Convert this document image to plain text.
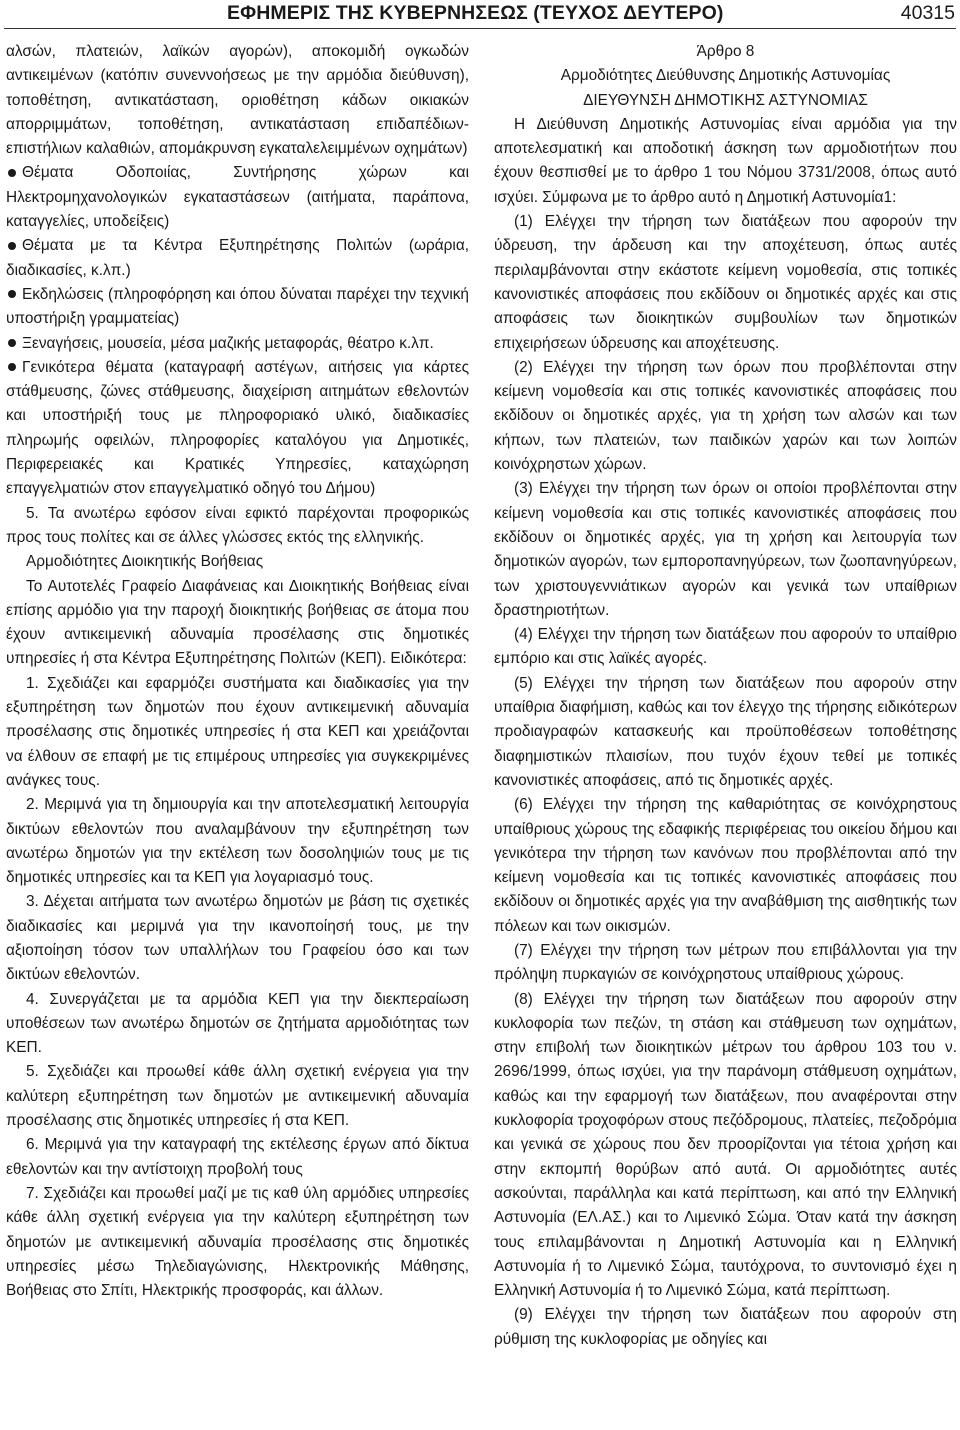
ΕΦΗΜΕΡΙΣ ΤΗΣ ΚΥΒΕΡΝΗΣΕΩΣ (ΤΕΥΧΟΣ ΔΕΥΤΕΡΟ)	40315

αλσών, πλατειών, λαϊκών αγορών), αποκομιδή ογκωδών αντικειμένων (κατόπιν συνεννοήσεως με την αρμόδια διεύθυνση), τοποθέτηση, αντικατάσταση, οριοθέτηση κάδων οικιακών απορριμμάτων, τοποθέτηση, αντικατάσταση επιδαπέδιων-επιστήλιων καλαθιών, απομάκρυνση εγκαταλελειμμένων οχημάτων)

Θέματα Οδοποιίας, Συντήρησης χώρων και Ηλεκτρομηχανολογικών εγκαταστάσεων (αιτήματα, παράπονα, καταγγελίες, υποδείξεις)

Θέματα με τα Κέντρα Εξυπηρέτησης Πολιτών (ωράρια, διαδικασίες, κ.λπ.)

Εκδηλώσεις (πληροφόρηση και όπου δύναται παρέχει την τεχνική υποστήριξη γραμματείας)

Ξεναγήσεις, μουσεία, μέσα μαζικής μεταφοράς, θέατρο κ.λπ.

Γενικότερα θέματα (καταγραφή αστέγων, αιτήσεις για κάρτες στάθμευσης, ζώνες στάθμευσης, διαχείριση αιτημάτων εθελοντών και υποστήριξή τους με πληροφοριακό υλικό, διαδικασίες πληρωμής οφειλών, πληροφορίες καταλόγου για Δημοτικές, Περιφερειακές και Κρατικές Υπηρεσίες, καταχώρηση επαγγελματιών στον επαγγελματικό οδηγό του Δήμου)

5. Τα ανωτέρω εφόσον είναι εφικτό παρέχονται προφορικώς προς τους πολίτες και σε άλλες γλώσσες εκτός της ελληνικής.

Αρμοδιότητες Διοικητικής Βοήθειας

Το Αυτοτελές Γραφείο Διαφάνειας και Διοικητικής Βοήθειας είναι επίσης αρμόδιο για την παροχή διοικητικής βοήθειας σε άτομα που έχουν αντικειμενική αδυναμία προσέλασης στις δημοτικές υπηρεσίες ή στα Κέντρα Εξυπηρέτησης Πολιτών (ΚΕΠ). Ειδικότερα:

1. Σχεδιάζει και εφαρμόζει συστήματα και διαδικασίες για την εξυπηρέτηση των δημοτών που έχουν αντικειμενική αδυναμία προσέλασης στις δημοτικές υπηρεσίες ή στα ΚΕΠ και χρειάζονται να έλθουν σε επαφή με τις επιμέρους υπηρεσίες για συγκεκριμένες ανάγκες τους.

2. Μεριμνά για τη δημιουργία και την αποτελεσματική λειτουργία δικτύων εθελοντών που αναλαμβάνουν την εξυπηρέτηση των ανωτέρω δημοτών για την εκτέλεση των δοσοληψιών τους με τις δημοτικές υπηρεσίες και τα ΚΕΠ για λογαριασμό τους.

3. Δέχεται αιτήματα των ανωτέρω δημοτών με βάση τις σχετικές διαδικασίες και μεριμνά για την ικανοποίησή τους, με την αξιοποίηση τόσον των υπαλλήλων του Γραφείου όσο και των δικτύων εθελοντών.

4. Συνεργάζεται με τα αρμόδια ΚΕΠ για την διεκπεραίωση υποθέσεων των ανωτέρω δημοτών σε ζητήματα αρμοδιότητας των ΚΕΠ.

5. Σχεδιάζει και προωθεί κάθε άλλη σχετική ενέργεια για την καλύτερη εξυπηρέτηση των δημοτών με αντικειμενική αδυναμία προσέλασης στις δημοτικές υπηρεσίες ή στα ΚΕΠ.

6. Μεριμνά για την καταγραφή της εκτέλεσης έργων από δίκτυα εθελοντών και την αντίστοιχη προβολή τους

7. Σχεδιάζει και προωθεί μαζί με τις καθ ύλη αρμόδιες υπηρεσίες κάθε άλλη σχετική ενέργεια για την καλύτερη εξυπηρέτηση των δημοτών με αντικειμενική αδυναμία προσέλασης στις δημοτικές υπηρεσίες μέσω Τηλεδιαγώνισης, Ηλεκτρονικής Μάθησης, Βοήθειας στο Σπίτι, Ηλεκτρικής προσφοράς, και άλλων.

Άρθρο 8

Αρμοδιότητες Διεύθυνσης Δημοτικής Αστυνομίας

ΔΙΕΥΘΥΝΣΗ ΔΗΜΟΤΙΚΗΣ ΑΣΤΥΝΟΜΙΑΣ

Η Διεύθυνση Δημοτικής Αστυνομίας είναι αρμόδια για την αποτελεσματική και αποδοτική άσκηση των αρμοδιοτήτων που έχουν θεσπισθεί με το άρθρο 1 του Νόμου 3731/2008, όπως αυτό ισχύει. Σύμφωνα με το άρθρο αυτό η Δημοτική Αστυνομία1:

(1) Ελέγχει την τήρηση των διατάξεων που αφορούν την ύδρευση, την άρδευση και την αποχέτευση, όπως αυτές περιλαμβάνονται στην εκάστοτε κείμενη νομοθεσία, στις τοπικές κανονιστικές αποφάσεις που εκδίδουν οι δημοτικές αρχές και στις αποφάσεις των διοικητικών συμβουλίων των δημοτικών επιχειρήσεων ύδρευσης και αποχέτευσης.

(2) Ελέγχει την τήρηση των όρων που προβλέπονται στην κείμενη νομοθεσία και στις τοπικές κανονιστικές αποφάσεις που εκδίδουν οι δημοτικές αρχές, για τη χρήση των αλσών και των κήπων, των πλατειών, των παιδικών χαρών και των λοιπών κοινόχρηστων χώρων.

(3) Ελέγχει την τήρηση των όρων οι οποίοι προβλέπονται στην κείμενη νομοθεσία και στις τοπικές κανονιστικές αποφάσεις που εκδίδουν οι δημοτικές αρχές, για τη χρήση και λειτουργία των δημοτικών αγορών, των εμποροπανηγύρεων, των ζωοπανηγύρεων, των χριστουγεννιάτικων αγορών και γενικά των υπαίθριων δραστηριοτήτων.

(4) Ελέγχει την τήρηση των διατάξεων που αφορούν το υπαίθριο εμπόριο και στις λαϊκές αγορές.

(5) Ελέγχει την τήρηση των διατάξεων που αφορούν στην υπαίθρια διαφήμιση, καθώς και τον έλεγχο της τήρησης ειδικότερων προδιαγραφών κατασκευής και προϋποθέσεων τοποθέτησης διαφημιστικών πλαισίων, που τυχόν έχουν τεθεί με τοπικές κανονιστικές αποφάσεις, από τις δημοτικές αρχές.

(6) Ελέγχει την τήρηση της καθαριότητας σε κοινόχρηστους υπαίθριους χώρους της εδαφικής περιφέρειας του οικείου δήμου και γενικότερα την τήρηση των κανόνων που προβλέπονται από την κείμενη νομοθεσία και τις τοπικές κανονιστικές αποφάσεις που εκδίδουν οι δημοτικές αρχές για την αναβάθμιση της αισθητικής των πόλεων και των οικισμών.

(7) Ελέγχει την τήρηση των μέτρων που επιβάλλονται για την πρόληψη πυρκαγιών σε κοινόχρηστους υπαίθριους χώρους.

(8) Ελέγχει την τήρηση των διατάξεων που αφορούν στην κυκλοφορία των πεζών, τη στάση και στάθμευση των οχημάτων, στην επιβολή των διοικητικών μέτρων του άρθρου 103 του ν. 2696/1999, όπως ισχύει, για την παράνομη στάθμευση οχημάτων, καθώς και την εφαρμογή των διατάξεων, που αναφέρονται στην κυκλοφορία τροχοφόρων στους πεζόδρομους, πλατείες, πεζοδρόμια και γενικά σε χώρους που δεν προορίζονται για τέτοια χρήση και στην εκπομπή θορύβων από αυτά. Οι αρμοδιότητες αυτές ασκούνται, παράλληλα και κατά περίπτωση, και από την Ελληνική Αστυνομία (ΕΛ.ΑΣ.) και το Λιμενικό Σώμα. Όταν κατά την άσκηση τους επιλαμβάνονται η Δημοτική Αστυνομία και η Ελληνική Αστυνομία ή το Λιμενικό Σώμα, ταυτόχρονα, το συντονισμό έχει η Ελληνική Αστυνομία ή το Λιμενικό Σώμα, κατά περίπτωση.

(9) Ελέγχει την τήρηση των διατάξεων που αφορούν στη ρύθμιση της κυκλοφορίας με οδηγίες και
